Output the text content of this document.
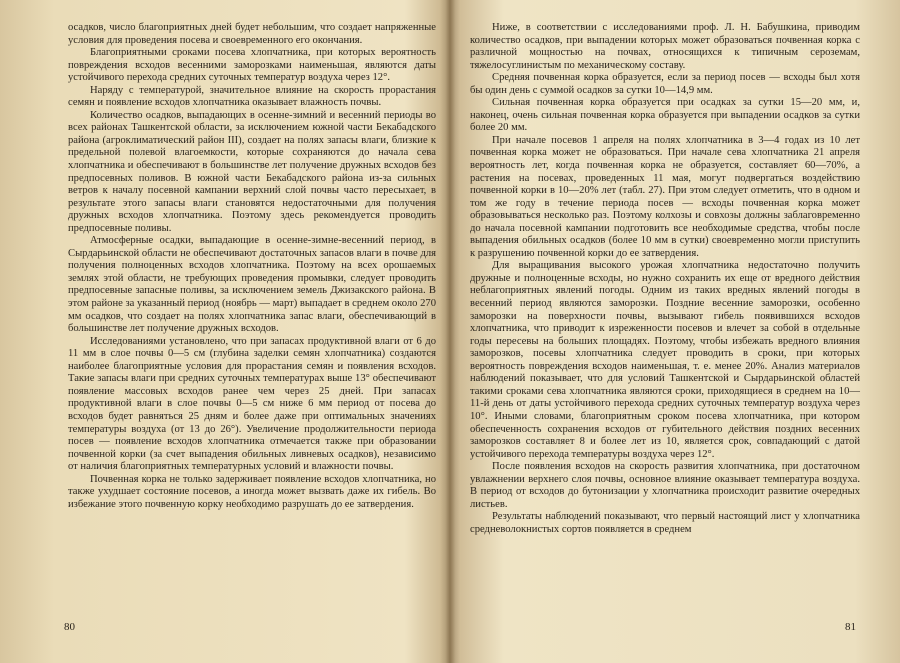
осадков, число благоприятных дней будет небольшим, что создает напряженные условия для проведения посева и своевременного его окончания.

Благоприятными сроками посева хлопчатника, при которых вероятность повреждения всходов весенними заморозками наименьшая, являются даты устойчивого перехода средних суточных температур воздуха через 12°.

Наряду с температурой, значительное влияние на скорость прорастания семян и появление всходов хлопчатника оказывает влажность почвы.

Количество осадков, выпадающих в осенне-зимний и весенний периоды во всех районах Ташкентской области, за исключением южной части Бекабадского района (агроклиматический район III), создает на полях запасы влаги, близкие к предельной полевой влагоемкости, которые сохраняются до начала сева хлопчатника и обеспечивают в большинстве лет получение дружных всходов без предпосевных поливов. В южной части Бекабадского района из-за сильных ветров к началу посевной кампании верхний слой почвы часто пересыхает, в результате этого запасы влаги становятся недостаточными для получения дружных всходов хлопчатника. Поэтому здесь рекомендуется проводить предпосевные поливы.

Атмосферные осадки, выпадающие в осенне-зимне-весенний период, в Сырдарьинской области не обеспечивают достаточных запасов влаги в почве для получения полноценных всходов хлопчатника. Поэтому на всех орошаемых землях этой области, не требующих проведения промывки, следует проводить предпосевные запасные поливы, за исключением земель Джизакского района. В этом районе за указанный период (ноябрь — март) выпадает в среднем около 270 мм осадков, что создает на полях хлопчатника запас влаги, обеспечивающий в большинстве лет получение дружных всходов.

Исследованиями установлено, что при запасах продуктивной влаги от 6 до 11 мм в слое почвы 0—5 см (глубина заделки семян хлопчатника) создаются наиболее благоприятные условия для прорастания семян и появления всходов. Такие запасы влаги при средних суточных температурах выше 13° обеспечивают появление массовых всходов ранее чем через 25 дней. При запасах продуктивной влаги в слое почвы 0—5 см ниже 6 мм период от посева до всходов будет равняться 25 дням и более даже при оптимальных значениях температуры воздуха (от 13 до 26°). Увеличение продолжительности периода посев — появление всходов хлопчатника отмечается также при образовании почвенной корки (за счет выпадения обильных ливневых осадков), независимо от наличия благоприятных температурных условий и влажности почвы.

Почвенная корка не только задерживает появление всходов хлопчатника, но также ухудшает состояние посевов, а иногда может вызвать даже их гибель. Во избежание этого почвенную корку необходимо разрушать до ее затвердения.

80

Ниже, в соответствии с исследованиями проф. Л. Н. Бабушкина, приводим количество осадков, при выпадении которых может образоваться почвенная корка с различной мощностью на почвах, относящихся к типичным сероземам, тяжелосуглинистым по механическому составу.

Средняя почвенная корка образуется, если за период посев — всходы был хотя бы один день с суммой осадков за сутки 10—14,9 мм.

Сильная почвенная корка образуется при осадках за сутки 15—20 мм, и, наконец, очень сильная почвенная корка образуется при выпадении осадков за сутки более 20 мм.

При начале посевов 1 апреля на полях хлопчатника в 3—4 годах из 10 лет почвенная корка может не образоваться. При начале сева хлопчатника 21 апреля вероятность лет, когда почвенная корка не образуется, составляет 60—70%, а растения на посевах, проведенных 11 мая, могут подвергаться воздействию почвенной корки в 10—20% лет (табл. 27). При этом следует отметить, что в одном и том же году в течение периода посев — всходы почвенная корка может образовываться несколько раз. Поэтому колхозы и совхозы должны заблаговременно до начала посевной кампании подготовить все необходимые средства, чтобы после выпадения обильных осадков (более 10 мм в сутки) своевременно могли приступить к разрушению почвенной корки до ее затвердения.

Для выращивания высокого урожая хлопчатника недостаточно получить дружные и полноценные всходы, но нужно сохранить их еще от вредного действия неблагоприятных явлений погоды. Одним из таких вредных явлений погоды в весенний период являются заморозки. Поздние весенние заморозки, особенно заморозки на поверхности почвы, вызывают гибель появившихся всходов хлопчатника, что приводит к изреженности посевов и влечет за собой в отдельные годы пересевы на больших площадях. Поэтому, чтобы избежать вредного влияния заморозков, посевы хлопчатника следует проводить в сроки, при которых вероятность повреждения всходов наименьшая, т. е. менее 20%. Анализ материалов наблюдений показывает, что для условий Ташкентской и Сырдарьинской областей такими сроками сева хлопчатника являются сроки, приходящиеся в среднем на 10—11-й день от даты устойчивого перехода средних суточных температур воздуха через 10°. Иными словами, благоприятным сроком посева хлопчатника, при котором обеспеченность сохранения всходов от губительного действия поздних весенних заморозков составляет 8 и более лет из 10, является срок, совпадающий с датой устойчивого перехода температуры воздуха через 12°.

После появления всходов на скорость развития хлопчатника, при достаточном увлажнении верхнего слоя почвы, основное влияние оказывает температура воздуха. В период от всходов до бутонизации у хлопчатника происходит развитие очередных листьев.

Результаты наблюдений показывают, что первый настоящий лист у хлопчатника средневолокнистых сортов появляется в среднем

81
